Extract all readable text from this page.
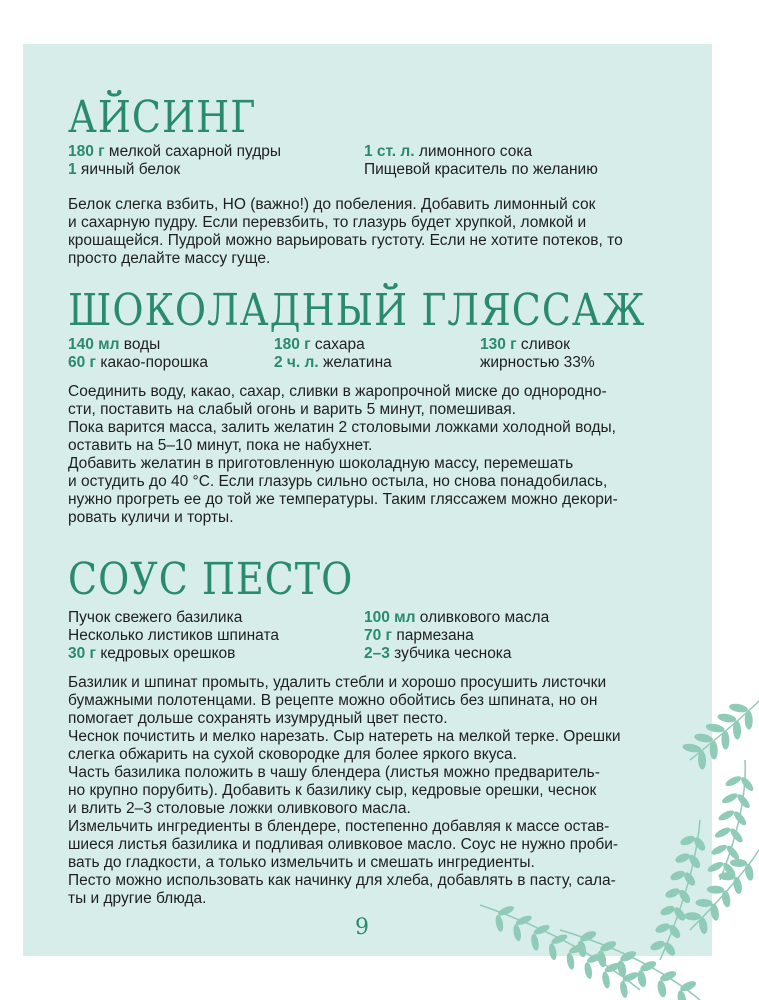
АЙСИНГ
180 г мелкой сахарной пудры
1 яичный белок
1 ст. л. лимонного сока
Пищевой краситель по желанию
Белок слегка взбить, НО (важно!) до побеления. Добавить лимонный сок
и сахарную пудру. Если перевзбить, то глазурь будет хрупкой, ломкой и
крошащейся. Пудрой можно варьировать густоту. Если не хотите потеков, то
просто делайте массу гуще.
ШОКОЛАДНЫЙ ГЛЯССАЖ
140 мл воды
60 г какао-порошка
180 г сахара
2 ч. л. желатина
130 г сливок
жирностью 33%
Соединить воду, какао, сахар, сливки в жаропрочной миске до однородно-
сти, поставить на слабый огонь и варить 5 минут, помешивая.
Пока варится масса, залить желатин 2 столовыми ложками холодной воды,
оставить на 5–10 минут, пока не набухнет.
Добавить желатин в приготовленную шоколадную массу, перемешать
и остудить до 40 °С. Если глазурь сильно остыла, но снова понадобилась,
нужно прогреть ее до той же температуры. Таким глясcажем можно декори-
ровать куличи и торты.
СОУС ПЕСТО
Пучок свежего базилика
Несколько листиков шпината
30 г кедровых орешков
100 мл оливкового масла
70 г пармезана
2–3 зубчика чеснока
Базилик и шпинат промыть, удалить стебли и хорошо просушить листочки
бумажными полотенцами. В рецепте можно обойтись без шпината, но он
помогает дольше сохранять изумрудный цвет песто.
Чеснок почистить и мелко нарезать. Сыр натереть на мелкой терке. Орешки
слегка обжарить на сухой сковородке для более яркого вкуса.
Часть базилика положить в чашу блендера (листья можно предваритель-
но крупно порубить). Добавить к базилику сыр, кедровые орешки, чеснок
и влить 2–3 столовые ложки оливкового масла.
Измельчить ингредиенты в блендере, постепенно добавляя к массе остав-
шиеся листья базилика и подливая оливковое масло. Соус не нужно проби-
вать до гладкости, а только измельчить и смешать ингредиенты.
Песто можно использовать как начинку для хлеба, добавлять в пасту, сала-
ты и другие блюда.
9
